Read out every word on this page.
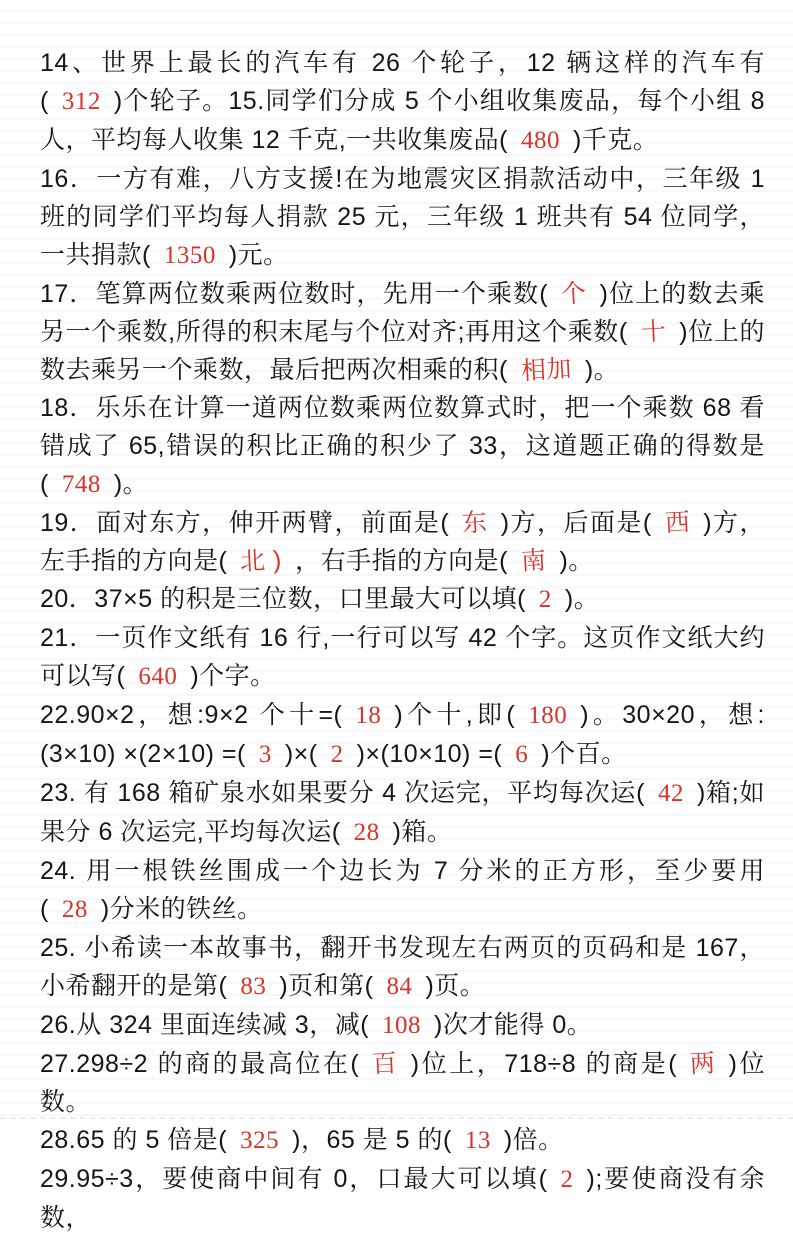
14、世界上最长的汽车有 26 个轮子，12 辆这样的汽车有( 312 )个轮子。15.同学们分成 5 个小组收集废品，每个小组 8 人，平均每人收集 12 千克,一共收集废品( 480 )千克。

16．一方有难，八方支援!在为地震灾区捐款活动中，三年级 1 班的同学们平均每人捐款 25 元，三年级 1 班共有 54 位同学，一共捐款( 1350 )元。

17．笔算两位数乘两位数时，先用一个乘数( 个 )位上的数去乘另一个乘数,所得的积末尾与个位对齐;再用这个乘数( 十 )位上的数去乘另一个乘数，最后把两次相乘的积( 相加 )。

18．乐乐在计算一道两位数乘两位数算式时，把一个乘数 68 看错成了 65,错误的积比正确的积少了 33，这道题正确的得数是( 748 )。

19．面对东方，伸开两臂，前面是( 东 )方，后面是( 西 )方，左手指的方向是( 北 ) ，右手指的方向是( 南 )。

20．37×5 的积是三位数，口里最大可以填( 2 )。

21．一页作文纸有 16 行,一行可以写 42 个字。这页作文纸大约可以写( 640 )个字。

22.90×2，想:9×2 个十=( 18 )个十,即( 180 )。30×20，想:(3×10) ×(2×10) =( 3 )×( 2 )×(10×10) =( 6 )个百。

23. 有 168 箱矿泉水如果要分 4 次运完，平均每次运( 42 )箱;如果分 6 次运完,平均每次运( 28 )箱。

24. 用一根铁丝围成一个边长为 7 分米的正方形，至少要用( 28 )分米的铁丝。

25. 小希读一本故事书，翻开书发现左右两页的页码和是 167，小希翻开的是第( 83 )页和第( 84 )页。

26.从 324 里面连续减 3，减( 108 )次才能得 0。

27.298÷2 的商的最高位在( 百 )位上，718÷8 的商是( 两 )位数。

28.65 的 5 倍是( 325 )，65 是 5 的( 13 )倍。

29.95÷3，要使商中间有 0，口最大可以填( 2 );要使商没有余数，
